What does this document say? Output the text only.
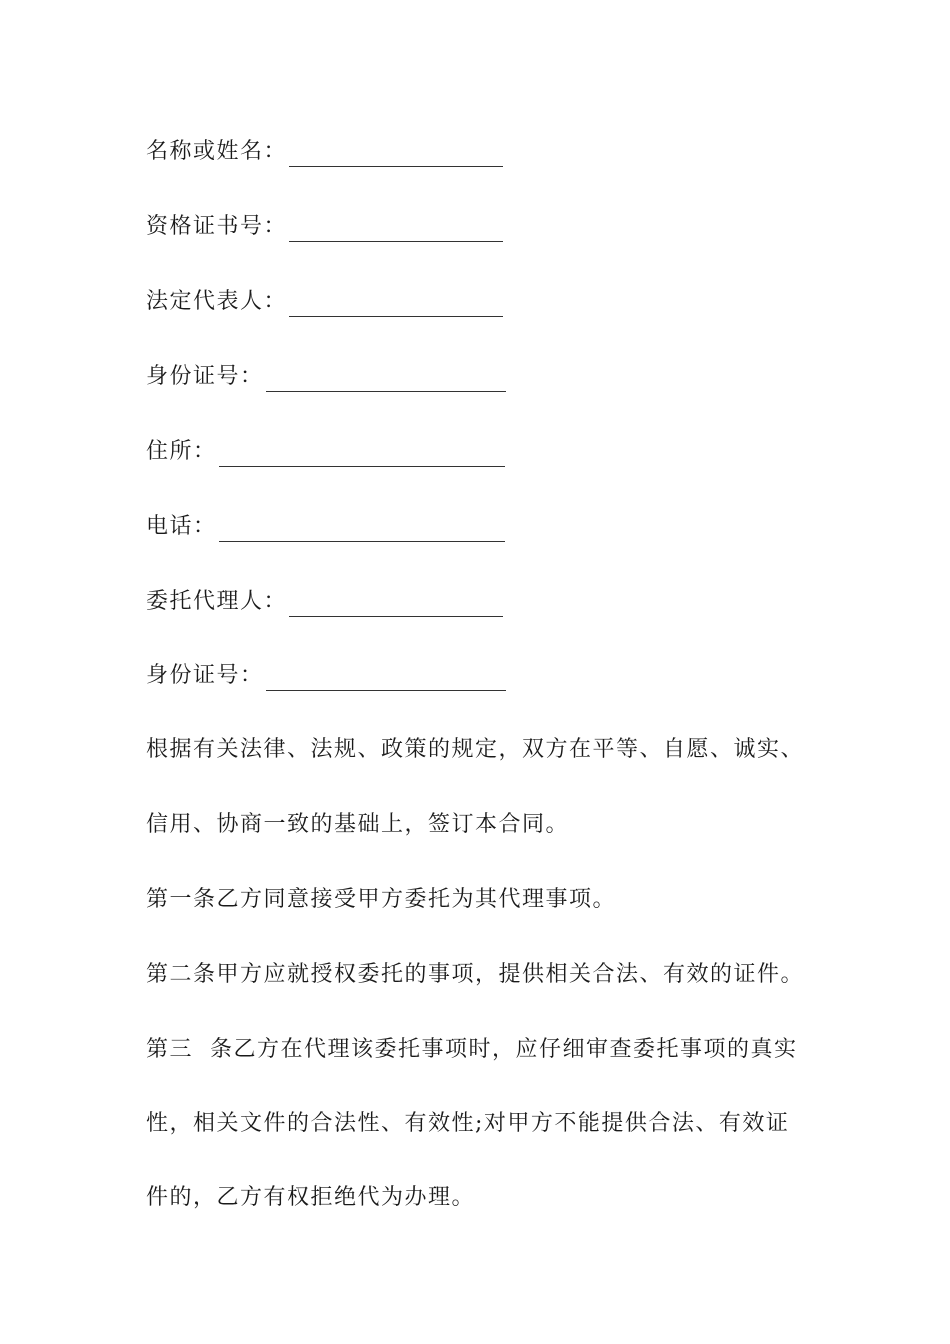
名称或姓名：
资格证书号：
法定代表人：
身份证号：
住所：
电话：
委托代理人：
身份证号：
根据有关法律、法规、政策的规定，双方在平等、自愿、诚实、
信用、协商一致的基础上，签订本合同。
第一条乙方同意接受甲方委托为其代理事项。
第二条甲方应就授权委托的事项，提供相关合法、有效的证件。
第三  条乙方在代理该委托事项时，应仔细审查委托事项的真实
性，相关文件的合法性、有效性;对甲方不能提供合法、有效证
件的，乙方有权拒绝代为办理。
